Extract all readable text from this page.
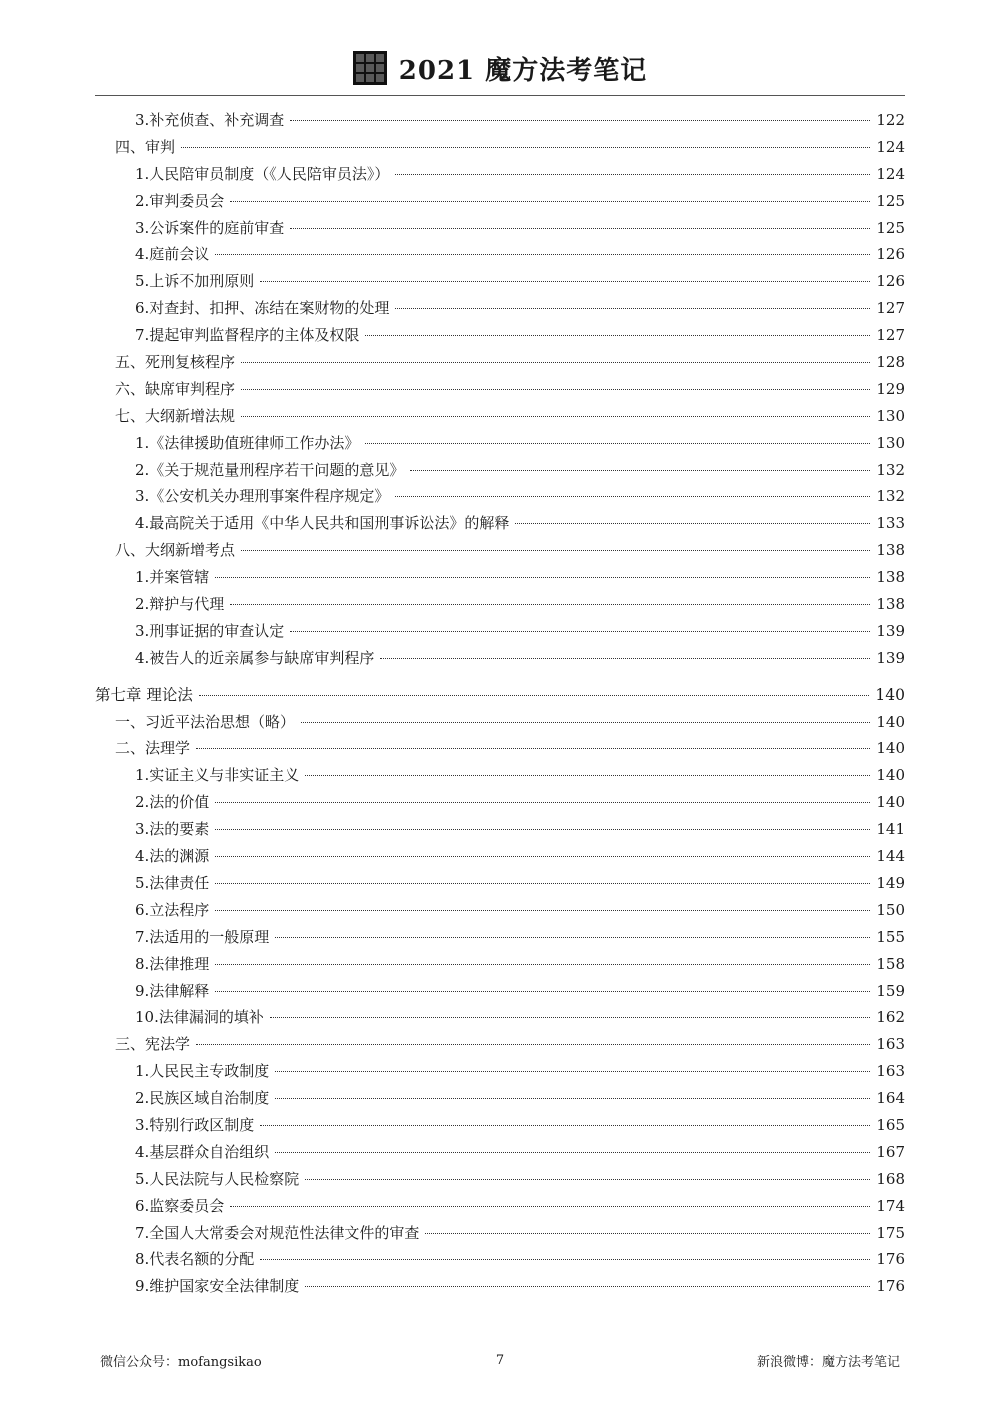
2021 魔方法考笔记
3.补充侦查、补充调查	122
四、审判	124
1.人民陪审员制度（《人民陪审员法》）	124
2.审判委员会	125
3.公诉案件的庭前审查	125
4.庭前会议	126
5.上诉不加刑原则	126
6.对查封、扣押、冻结在案财物的处理	127
7.提起审判监督程序的主体及权限	127
五、死刑复核程序	128
六、缺席审判程序	129
七、大纲新增法规	130
1.《法律援助值班律师工作办法》	130
2.《关于规范量刑程序若干问题的意见》	132
3.《公安机关办理刑事案件程序规定》	132
4.最高院关于适用《中华人民共和国刑事诉讼法》的解释	133
八、大纲新增考点	138
1.并案管辖	138
2.辩护与代理	138
3.刑事证据的审查认定	139
4.被告人的近亲属参与缺席审判程序	139
第七章 理论法	140
一、习近平法治思想（略）	140
二、法理学	140
1.实证主义与非实证主义	140
2.法的价值	140
3.法的要素	141
4.法的渊源	144
5.法律责任	149
6.立法程序	150
7.法适用的一般原理	155
8.法律推理	158
9.法律解释	159
10.法律漏洞的填补	162
三、宪法学	163
1.人民民主专政制度	163
2.民族区域自治制度	164
3.特别行政区制度	165
4.基层群众自治组织	167
5.人民法院与人民检察院	168
6.监察委员会	174
7.全国人大常委会对规范性法律文件的审查	175
8.代表名额的分配	176
9.维护国家安全法律制度	176
微信公众号：mofangsikao	7	新浪微博：魔方法考笔记
